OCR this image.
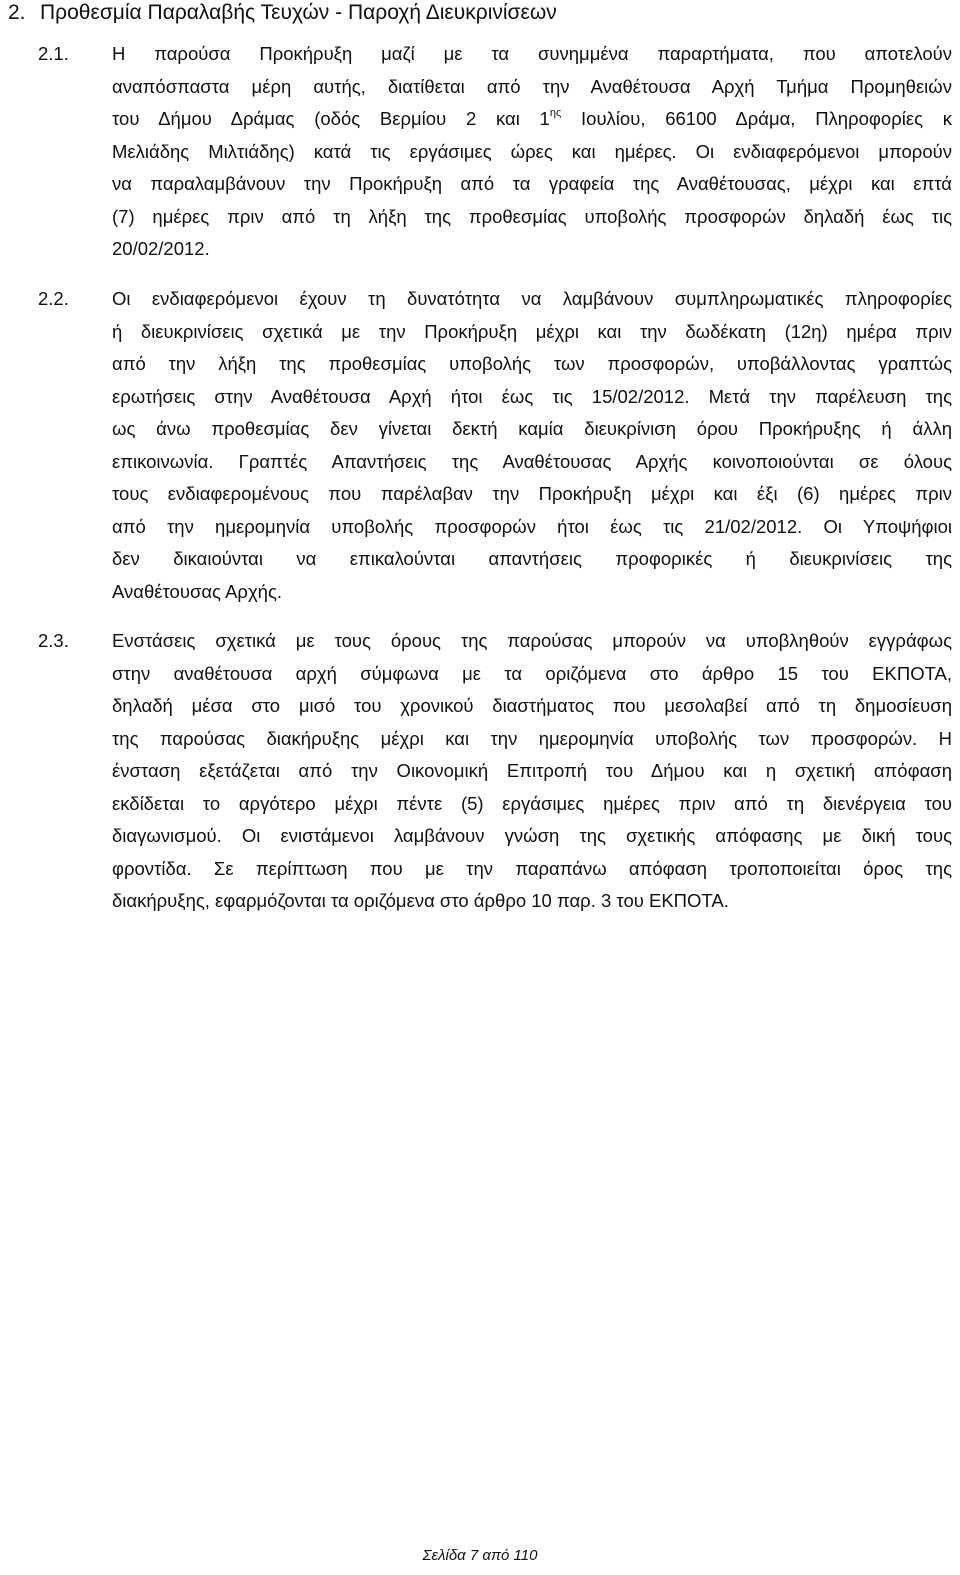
2. Προθεσμία Παραλαβής Τευχών - Παροχή Διευκρινίσεων
2.1. Η παρούσα Προκήρυξη μαζί με τα συνημμένα παραρτήματα, που αποτελούν
αναπόσπαστα μέρη αυτής, διατίθεται από την Αναθέτουσα Αρχή Τμήμα Προμηθειών
του Δήμου Δράμας (οδός Βερμίου 2 και $1^{\eta\varsigma}$ Ιουλίου, 66100 Δράμα, Πληροφορίες κ
Μελιάδης Μιλτιάδης) κατά τις εργάσιμες ώρες και ημέρες. Οι ενδιαφερόμενοι μπορούν
να παραλαμβάνουν την Προκήρυξη από τα γραφεία της Αναθέτουσας, μέχρι και επτά
(7) ημέρες πριν από τη λήξη της προθεσμίας υποβολής προσφορών δηλαδή έως τις
20/02/2012.
2.2. Οι ενδιαφερόμενοι έχουν τη δυνατότητα να λαμβάνουν συμπληρωματικές πληροφορίες
ή διευκρινίσεις σχετικά με την Προκήρυξη μέχρι και την δωδέκατη (12η) ημέρα πριν
από την λήξη της προθεσμίας υποβολής των προσφορών, υποβάλλοντας γραπτώς
ερωτήσεις στην Αναθέτουσα Αρχή ήτοι έως τις 15/02/2012. Μετά την παρέλευση της
ως άνω προθεσμίας δεν γίνεται δεκτή καμία διευκρίνιση όρου Προκήρυξης ή άλλη
επικοινωνία. Γραπτές Απαντήσεις της Αναθέτουσας Αρχής κοινοποιούνται σε όλους
τους ενδιαφερομένους που παρέλαβαν την Προκήρυξη μέχρι και έξι (6) ημέρες πριν
από την ημερομηνία υποβολής προσφορών ήτοι έως τις 21/02/2012. Οι Υποψήφιοι
δεν δικαιούνται να επικαλούνται απαντήσεις προφορικές ή διευκρινίσεις της
Αναθέτουσας Αρχής.
2.3. Ενστάσεις σχετικά με τους όρους της παρούσας μπορούν να υποβληθούν εγγράφως
στην αναθέτουσα αρχή σύμφωνα με τα οριζόμενα στο άρθρο 15 του ΕΚΠΟΤΑ,
δηλαδή μέσα στο μισό του χρονικού διαστήματος που μεσολαβεί από τη δημοσίευση
της παρούσας διακήρυξης μέχρι και την ημερομηνία υποβολής των προσφορών. Η
ένσταση εξετάζεται από την Οικονομική Επιτροπή του Δήμου και η σχετική απόφαση
εκδίδεται το αργότερο μέχρι πέντε (5) εργάσιμες ημέρες πριν από τη διενέργεια του
διαγωνισμού. Οι ενιστάμενοι λαμβάνουν γνώση της σχετικής απόφασης με δική τους
φροντίδα. Σε περίπτωση που με την παραπάνω απόφαση τροποποιείται όρος της
διακήρυξης, εφαρμόζονται τα οριζόμενα στο άρθρο 10 παρ. 3 του ΕΚΠΟΤΑ.
Σελίδα 7 από 110
